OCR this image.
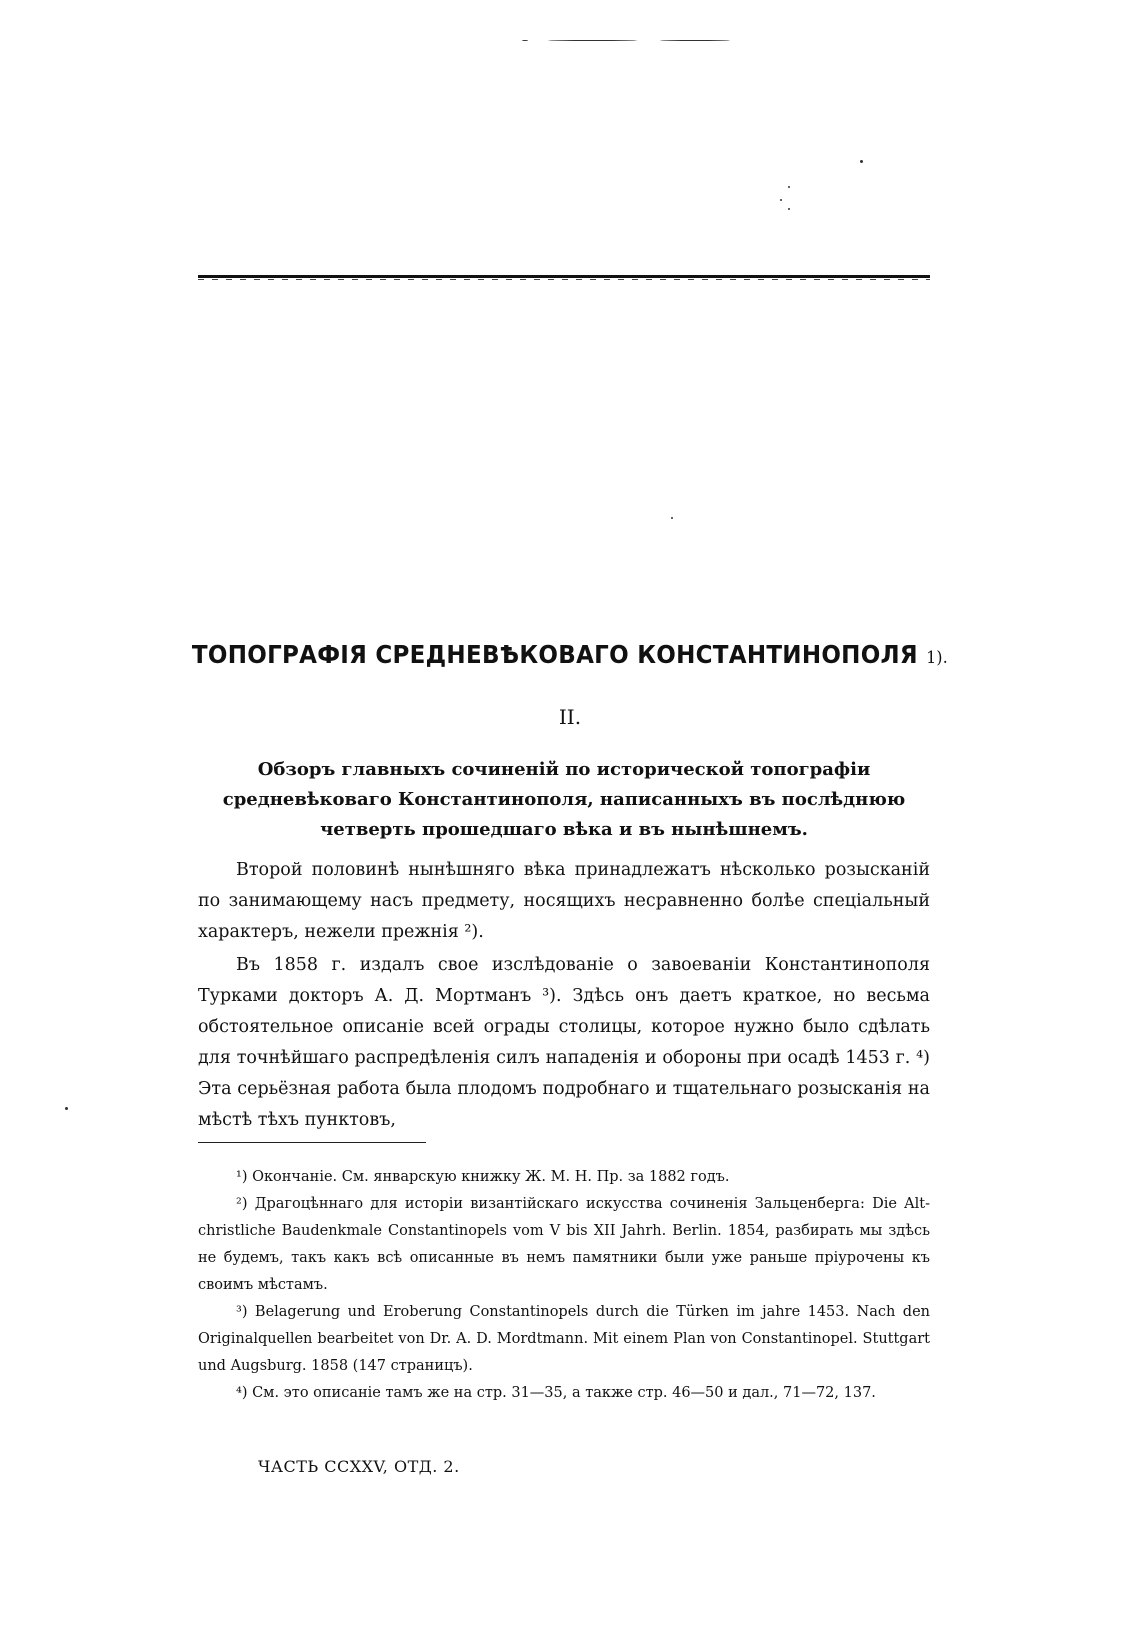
ТОПОГРАФІЯ СРЕДНЕВѢКОВАГО КОНСТАНТИНОПОЛЯ 1).
II.
Обзоръ главныхъ сочиненій по исторической топографіи средневѣковаго Константинополя, написанныхъ въ послѣднюю четверть прошедшаго вѣка и въ нынѣшнемъ.

Второй половинѣ нынѣшняго вѣка принадлежатъ нѣсколько розысканій по занимающему насъ предмету, носящихъ несравненно болѣе спеціальный характеръ, нежели прежнія ²).

Въ 1858 г. издалъ свое изслѣдованіе о завоеваніи Константинополя Турками докторъ А. Д. Мортманъ ³). Здѣсь онъ даетъ краткое, но весьма обстоятельное описаніе всей ограды столицы, которое нужно было сдѣлать для точнѣйшаго распредѣленія силъ нападенія и обороны при осадѣ 1453 г. ⁴) Эта серьёзная работа была плодомъ подробнаго и тщательнаго розысканія на мѣстѣ тѣхъ пунктовъ,

¹) Окончаніе. См. январскую книжку Ж. М. Н. Пр. за 1882 годъ.

²) Драгоцѣннаго для исторіи византійскаго искусства сочиненія Зальценберга: Die Alt-christliche Baudenkmale Constantinopels vom V bis XII Jahrh. Berlin. 1854, разбирать мы здѣсь не будемъ, такъ какъ всѣ описанные въ немъ памятники были уже раньше пріурочены къ своимъ мѣстамъ.

³) Belagerung und Eroberung Constantinopels durch die Türken im jahre 1453. Nach den Originalquellen bearbeitet von Dr. A. D. Mordtmann. Mit einem Plan von Constantinopel. Stuttgart und Augsburg. 1858 (147 страницъ).

⁴) См. это описаніе тамъ же на стр. 31—35, а также стр. 46—50 и дал., 71—72, 137.

ЧАСТЬ CCXXV, ОТД. 2.
